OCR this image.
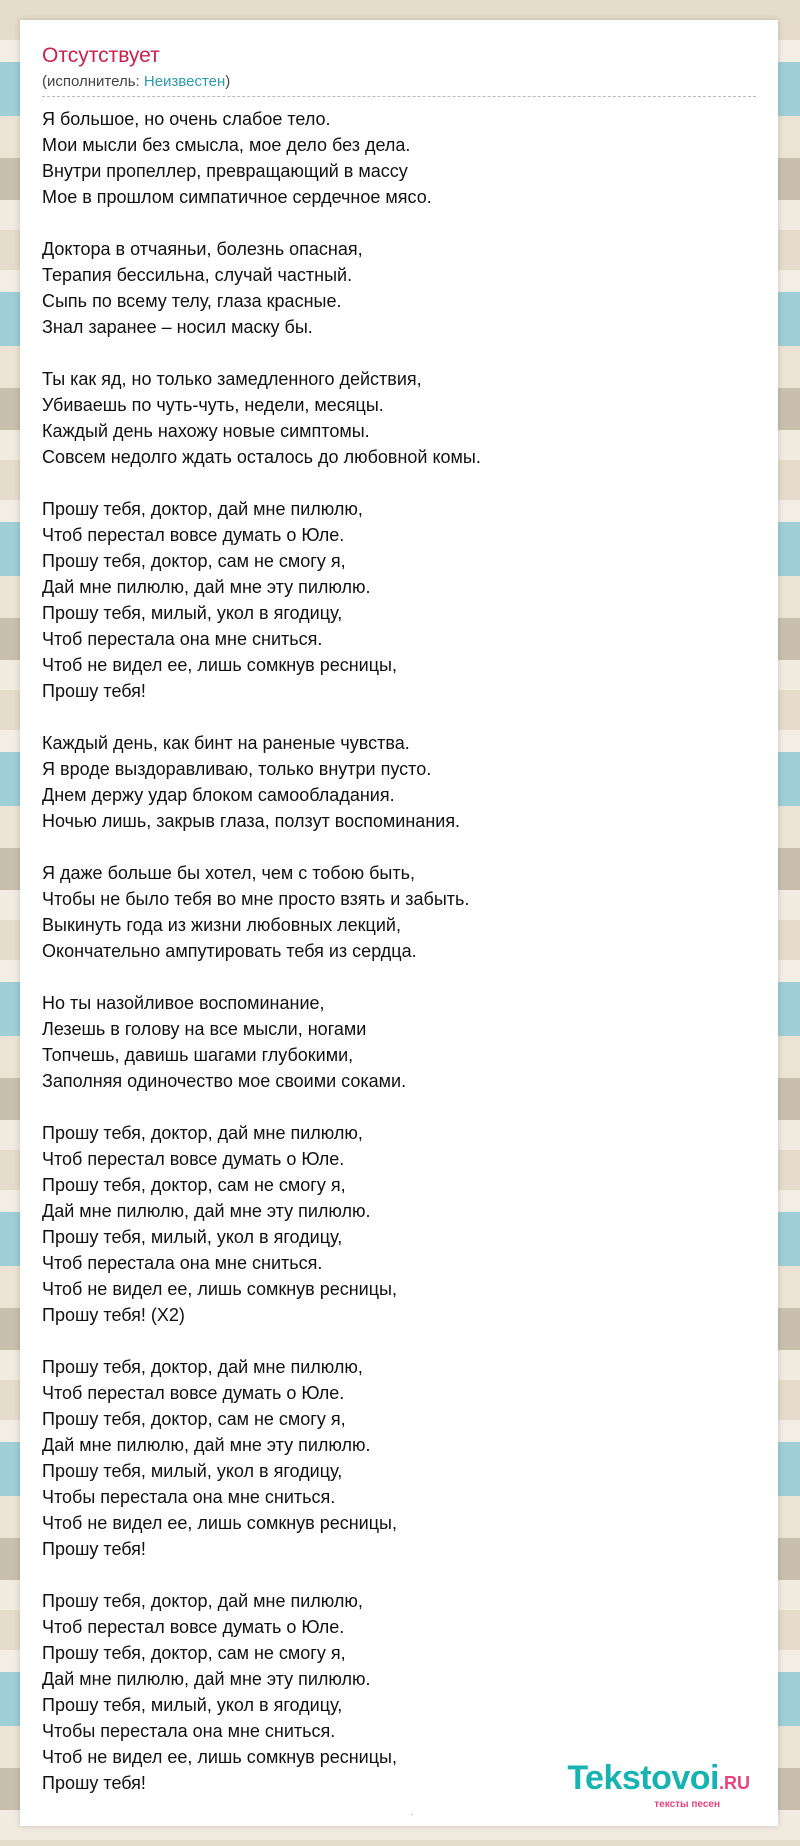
Отсутствует
(исполнитель: Неизвестен)
Я большое, но очень слабое тело.
Мои мысли без смысла, мое дело без дела.
Внутри пропеллер, превращающий в массу
Мое в прошлом симпатичное сердечное мясо.
Доктора в отчаяньи, болезнь опасная,
Терапия бессильна, случай частный.
Сыпь по всему телу, глаза красные.
Знал заранее – носил маску бы.
Ты как яд, но только замедленного действия,
Убиваешь по чуть-чуть, недели, месяцы.
Каждый день нахожу новые симптомы.
Совсем недолго ждать осталось до любовной комы.
Прошу тебя, доктор, дай мне пилюлю,
Чтоб перестал вовсе думать о Юле.
Прошу тебя, доктор, сам не смогу я,
Дай мне пилюлю, дай мне эту пилюлю.
Прошу тебя, милый, укол в ягодицу,
Чтоб перестала она мне сниться.
Чтоб не видел ее, лишь сомкнув ресницы,
Прошу тебя!
Каждый день, как бинт на раненые чувства.
Я вроде выздоравливаю, только внутри пусто.
Днем держу удар блоком самообладания.
Ночью лишь, закрыв глаза, ползут воспоминания.
Я даже больше бы хотел, чем с тобою быть,
Чтобы не было тебя во мне просто взять и забыть.
Выкинуть года из жизни любовных лекций,
Окончательно ампутировать тебя из сердца.
Но ты назойливое воспоминание,
Лезешь в голову на все мысли, ногами
Топчешь, давишь шагами глубокими,
Заполняя одиночество мое своими соками.
Прошу тебя, доктор, дай мне пилюлю,
Чтоб перестал вовсе думать о Юле.
Прошу тебя, доктор, сам не смогу я,
Дай мне пилюлю, дай мне эту пилюлю.
Прошу тебя, милый, укол в ягодицу,
Чтоб перестала она мне сниться.
Чтоб не видел ее, лишь сомкнув ресницы,
Прошу тебя! (Х2)
Прошу тебя, доктор, дай мне пилюлю,
Чтоб перестал вовсе думать о Юле.
Прошу тебя, доктор, сам не смогу я,
Дай мне пилюлю, дай мне эту пилюлю.
Прошу тебя, милый, укол в ягодицу,
Чтобы перестала она мне сниться.
Чтоб не видел ее, лишь сомкнув ресницы,
Прошу тебя!
Прошу тебя, доктор, дай мне пилюлю,
Чтоб перестал вовсе думать о Юле.
Прошу тебя, доктор, сам не смогу я,
Дай мне пилюлю, дай мне эту пилюлю.
Прошу тебя, милый, укол в ягодицу,
Чтобы перестала она мне сниться.
Чтоб не видел ее, лишь сомкнув ресницы,
Прошу тебя!	Tekstovoi.RU
тексты песен
·
